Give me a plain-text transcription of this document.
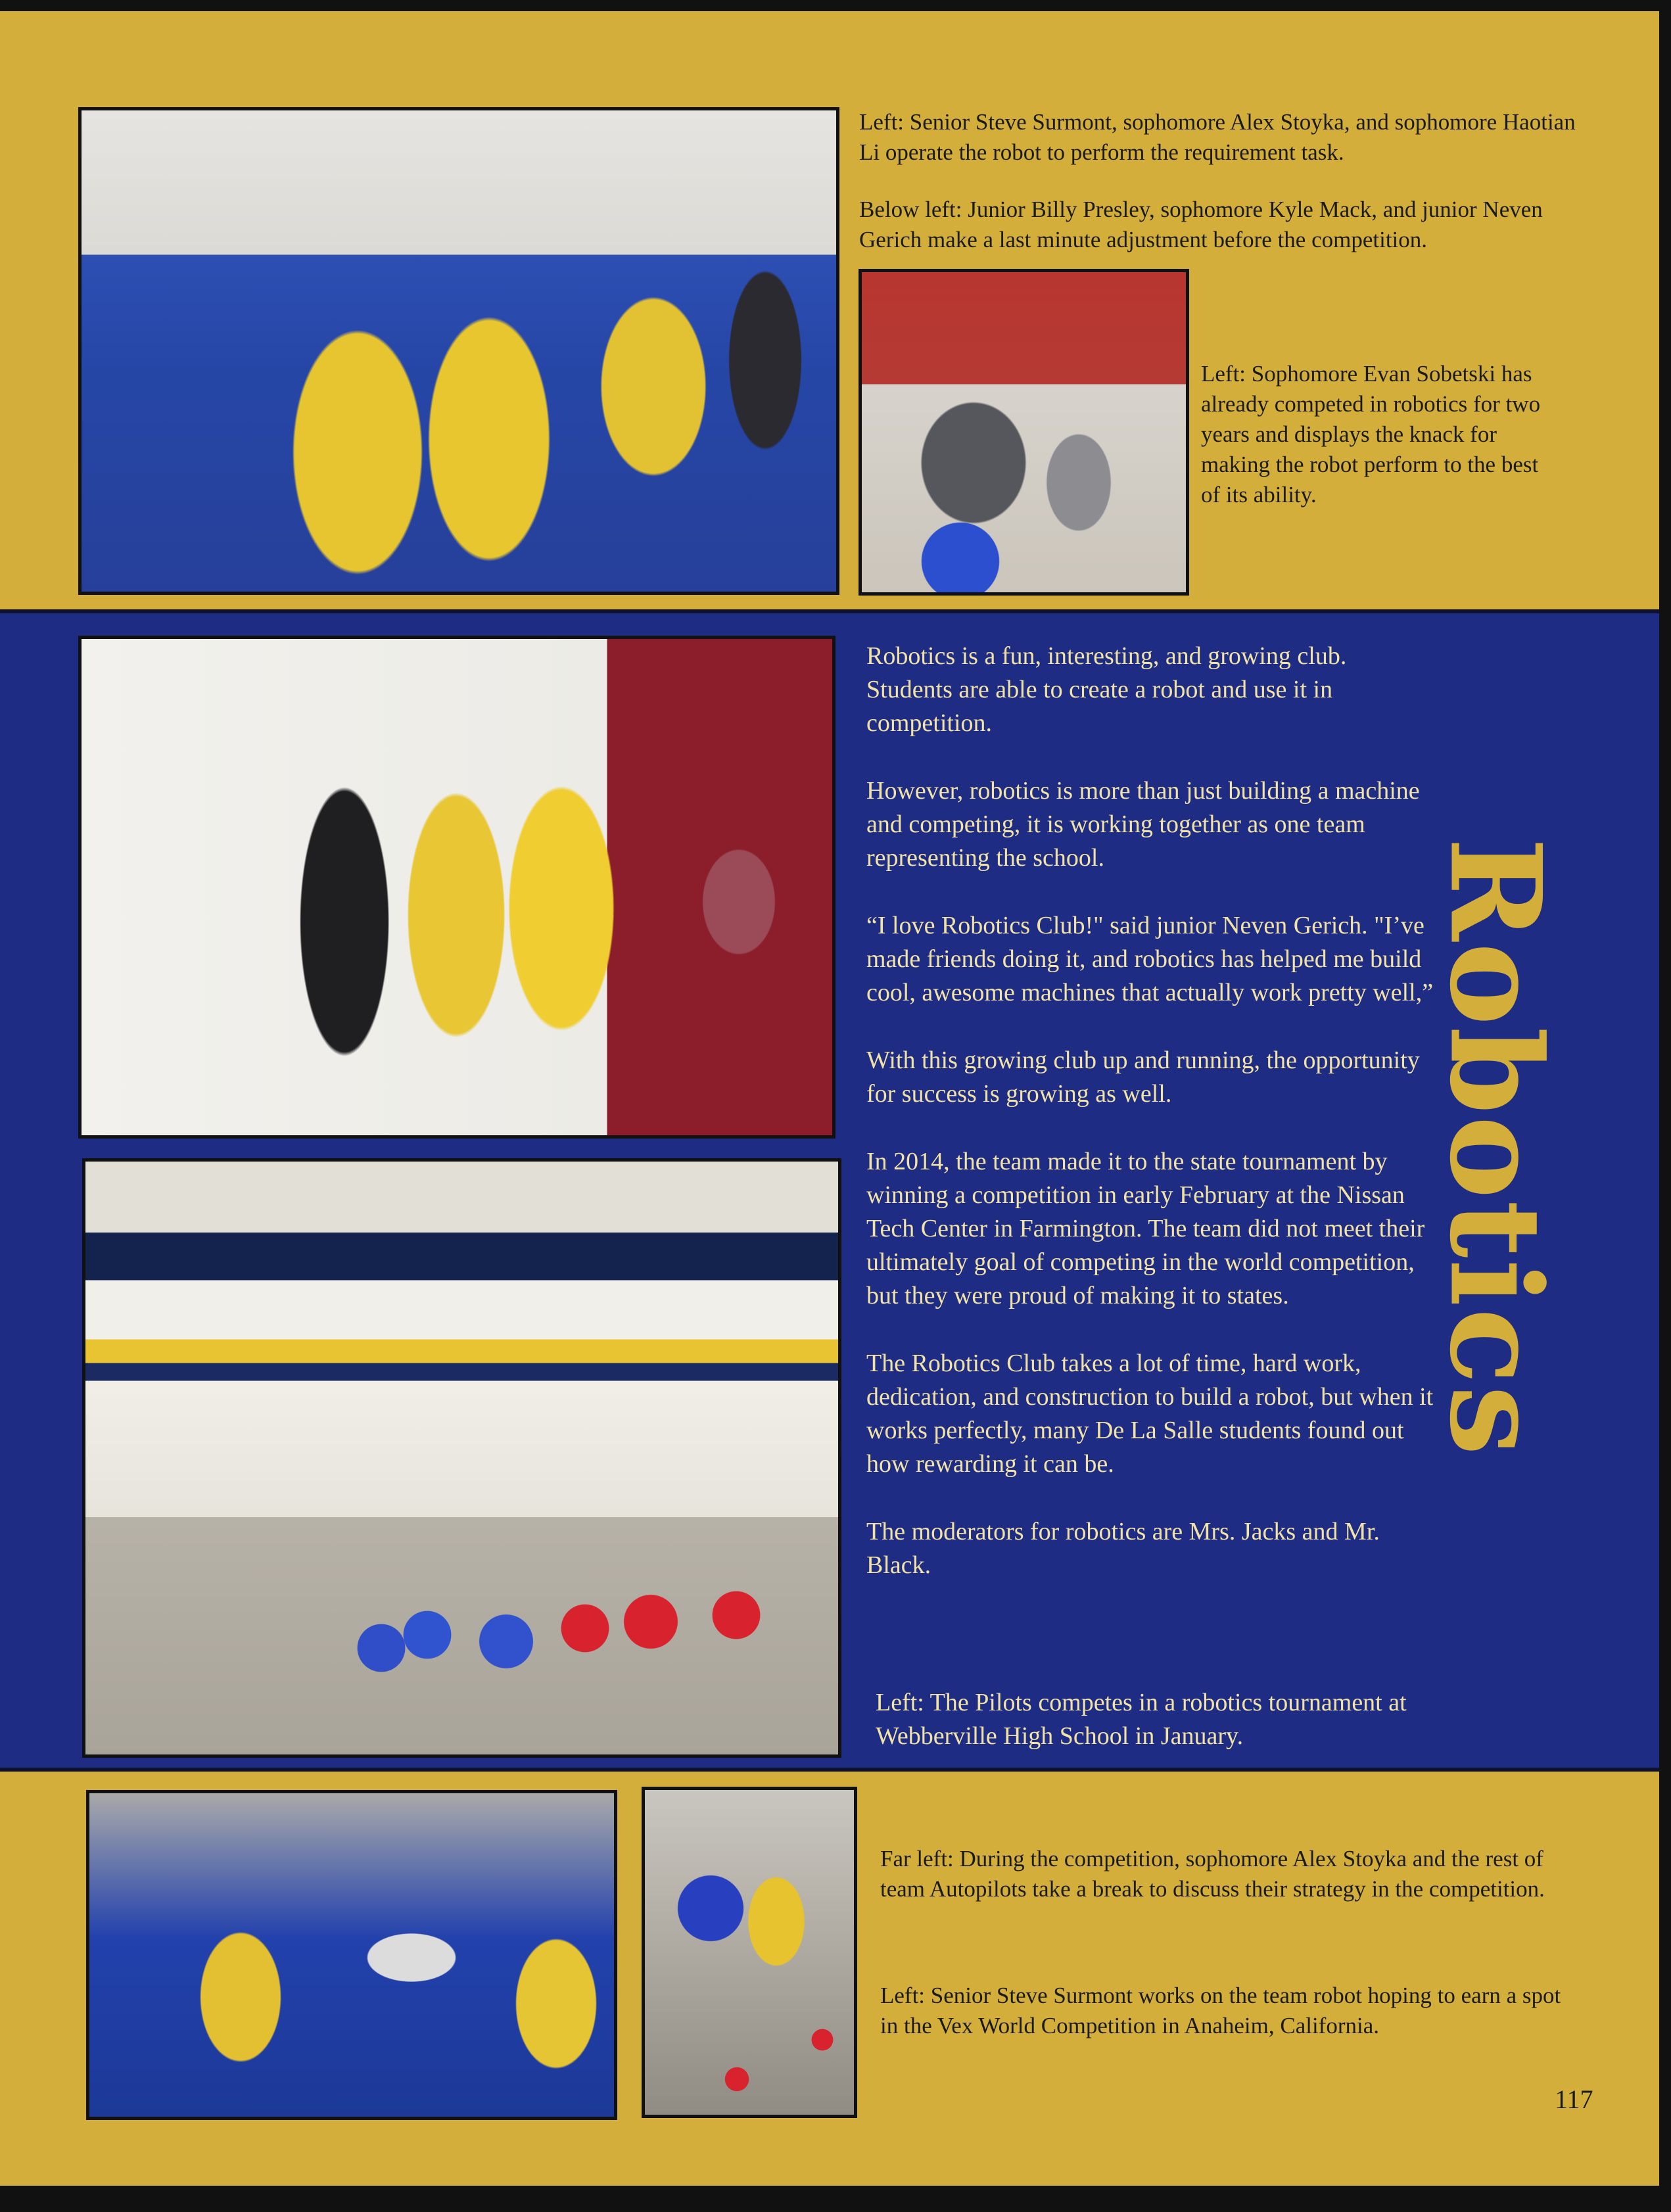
Left: Senior Steve Surmont, sophomore Alex Stoyka, and sophomore Haotian Li operate the robot to perform the requirement task.

Below left: Junior Billy Presley, sophomore Kyle Mack, and junior Neven Gerich make a last minute adjustment before the competition.

Left: Sophomore Evan Sobetski has already competed in robotics for two years and displays the knack for making the robot perform to the best of its ability.

Robotics is a fun, interesting, and growing club. Students are able to create a robot and use it in competition.

However, robotics is more than just building a machine and competing, it is working together as one team representing the school.

“I love Robotics Club!" said junior Neven Gerich. "I’ve made friends doing it, and robotics has helped me build cool, awesome machines that actually work pretty well,”

With this growing club up and running, the opportunity for success is growing as well.

In 2014, the team made it to the state tournament by winning a competition in early February at the Nissan Tech Center in Farmington. The team did not meet their ultimately goal of competing in the world competition, but they were proud of making it to states.

The Robotics Club takes a lot of time, hard work, dedication, and construction to build a robot, but when it works perfectly, many De La Salle students found out how rewarding it can be.

The moderators for robotics are Mrs. Jacks and Mr. Black.

Left: The Pilots competes in a robotics tournament at Webberville High School in January.

Robotics

Far left: During the competition, sophomore Alex Stoyka and the rest of team Autopilots take a break to discuss their strategy in the competition.

Left: Senior Steve Surmont works on the team robot hoping to earn a spot in the Vex World Competition in Anaheim, California.

117
